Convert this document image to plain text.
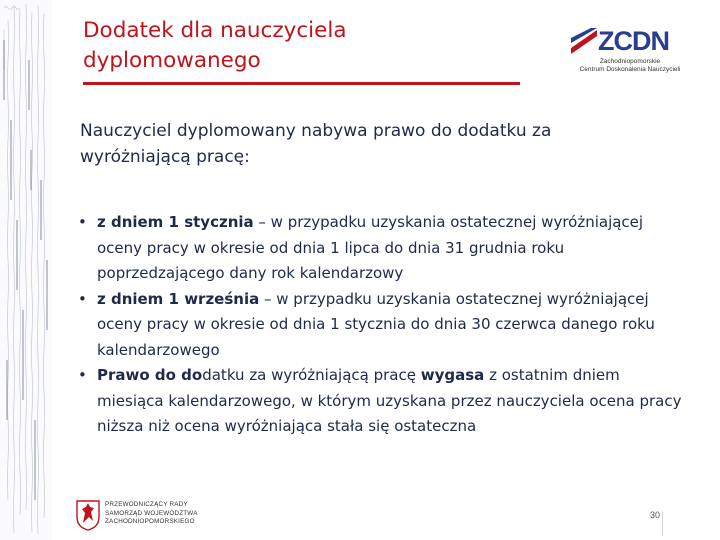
Dodatek dla nauczyciela
dyplomowanego
ZCDN
Zachodniopomorskie
Centrum Doskonalenia Nauczycieli
Nauczyciel dyplomowany nabywa prawo do dodatku za
wyróżniającą pracę:
• z dniem 1 stycznia – w przypadku uzyskania ostatecznej wyróżniającej oceny pracy w okresie od dnia 1 lipca do dnia 31 grudnia roku poprzedzającego dany rok kalendarzowy
• z dniem 1 września – w przypadku uzyskania ostatecznej wyróżniającej oceny pracy w okresie od dnia 1 stycznia do dnia 30 czerwca danego roku kalendarzowego
• Prawo do dodatku za wyróżniającą pracę wygasa z ostatnim dniem miesiąca kalendarzowego, w którym uzyskana przez nauczyciela ocena pracy niższa niż ocena wyróżniająca stała się ostateczna
PRZEWODNICZĄCY RADY
SAMORZĄD WOJEWÓDZTWA
ZACHODNIOPOMORSKIEGO
30
